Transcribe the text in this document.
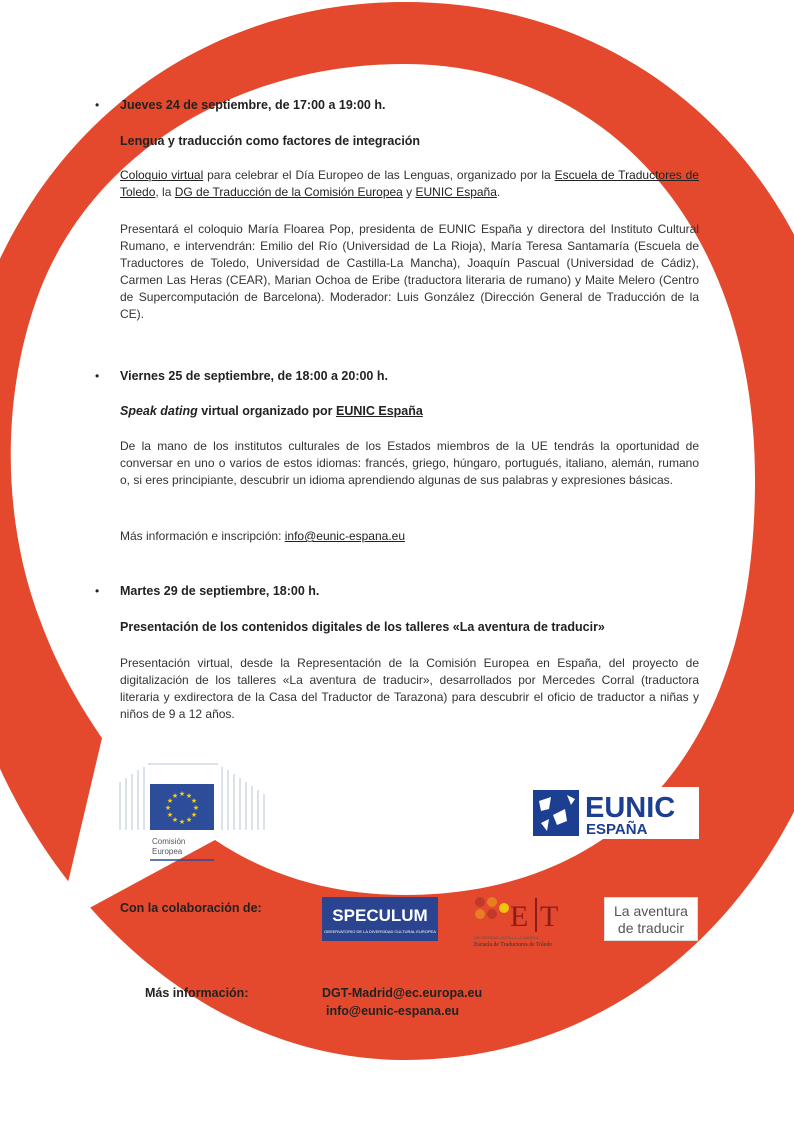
• Jueves 24 de septiembre, de 17:00 a 19:00 h.
Lengua y traducción como factores de integración
Coloquio virtual para celebrar el Día Europeo de las Lenguas, organizado por la Escuela de Traductores de Toledo, la DG de Traducción de la Comisión Europea y EUNIC España.
Presentará el coloquio María Floarea Pop, presidenta de EUNIC España y directora del Instituto Cultural Rumano, e intervendrán: Emilio del Río (Universidad de La Rioja), María Teresa Santamaría (Escuela de Traductores de Toledo, Universidad de Castilla-La Mancha), Joaquín Pascual (Universidad de Cádiz), Carmen Las Heras (CEAR), Marian Ochoa de Eribe (traductora literaria de rumano) y Maite Melero (Centro de Supercomputación de Barcelona). Moderador: Luis González (Dirección General de Traducción de la CE).
• Viernes 25 de septiembre, de 18:00 a 20:00 h.
Speak dating virtual organizado por EUNIC España
De la mano de los institutos culturales de los Estados miembros de la UE tendrás la oportunidad de conversar en uno o varios de estos idiomas: francés, griego, húngaro, portugués, italiano, alemán, rumano o, si eres principiante, descubrir un idioma aprendiendo algunas de sus palabras y expresiones básicas.
Más información e inscripción: info@eunic-espana.eu
• Martes 29 de septiembre, 18:00 h.
Presentación de los contenidos digitales de los talleres «La aventura de traducir»
Presentación virtual, desde la Representación de la Comisión Europea en España, del proyecto de digitalización de los talleres «La aventura de traducir», desarrollados por Mercedes Corral (traductora literaria y exdirectora de la Casa del Traductor de Tarazona) para descubrir el oficio de traductor a niñas y niños de 9 a 12 años.
★ ★
★
★
★
★
★
★
★
★
★
★
Comisión
Europea
EUNIC
ESPAÑA
Con la colaboración de:	SPECULUM
OBSERVATORIO DE LA DIVERSIDAD CULTURAL EUROPEA E T
UNIVERSIDAD CASTILLA-LA MANCHA
Escuela de Traductores de Toledo
La aventura
de traducir
Más información:	DGT-Madrid@ec.europa.eu
info@eunic-espana.eu
